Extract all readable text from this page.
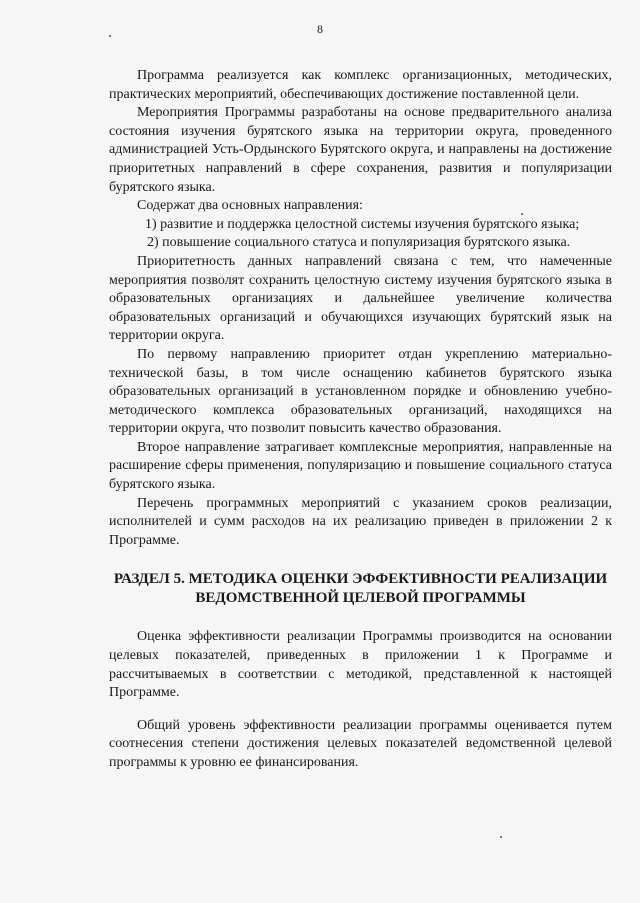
8

Программа реализуется как комплекс организационных, методических, практических мероприятий, обеспечивающих достижение поставленной цели.

Мероприятия Программы разработаны на основе предварительного анализа состояния изучения бурятского языка на территории округа, проведенного администрацией Усть-Ордынского Бурятского округа, и направлены на достижение приоритетных направлений в сфере сохранения, развития и популяризации бурятского языка.

Содержат два основных направления:

1) развитие и поддержка целостной системы изучения бурятского языка;

2) повышение социального статуса и популяризация бурятского языка.

Приоритетность данных направлений связана с тем, что намеченные мероприятия позволят сохранить целостную систему изучения бурятского языка в образовательных организациях и дальнейшее увеличение количества образовательных организаций и обучающихся изучающих бурятский язык на территории округа.

По первому направлению приоритет отдан укреплению материально-технической базы, в том числе оснащению кабинетов бурятского языка образовательных организаций в установленном порядке и обновлению учебно-методического комплекса образовательных организаций, находящихся на территории округа, что позволит повысить качество образования.

Второе направление затрагивает комплексные мероприятия, направленные на расширение сферы применения, популяризацию и повышение социального статуса бурятского языка.

Перечень программных мероприятий с указанием сроков реализации, исполнителей и сумм расходов на их реализацию приведен в приложении 2 к Программе.

РАЗДЕЛ 5. МЕТОДИКА ОЦЕНКИ ЭФФЕКТИВНОСТИ РЕАЛИЗАЦИИ
ВЕДОМСТВЕННОЙ ЦЕЛЕВОЙ ПРОГРАММЫ

Оценка эффективности реализации Программы производится на основании целевых показателей, приведенных в приложении 1 к Программе и рассчитываемых в соответствии с методикой, представленной к настоящей Программе.

Общий уровень эффективности реализации программы оценивается путем соотнесения степени достижения целевых показателей ведомственной целевой программы к уровню ее финансирования.
